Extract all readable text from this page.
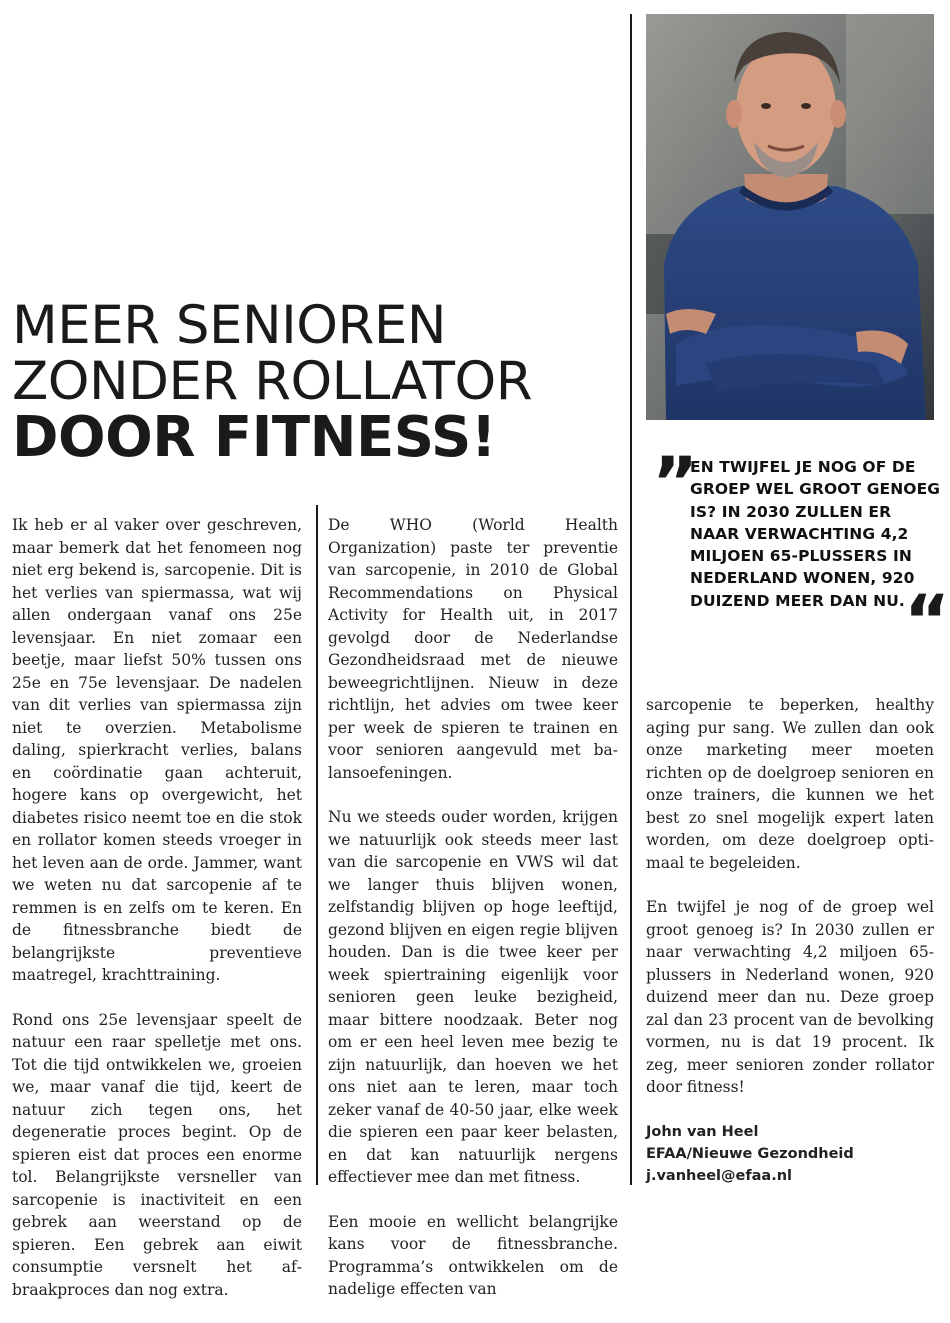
MEER SENIOREN
ZONDER ROLLATOR
DOOR FITNESS!
”
EN TWIJFEL JE NOG OF DE GROEP WEL GROOT GENOEG IS? IN 2030 ZULLEN ER NAAR VERWACHTING 4,2 MILJOEN 65-PLUSSERS IN NEDERLAND WONEN, 920 DUIZEND MEER DAN NU. “

Ik heb er al vaker over geschreven, maar bemerk dat het fenomeen nog niet erg bekend is, sarcopenie. Dit is het verlies van spiermassa, wat wij allen ondergaan vanaf ons 25e levensjaar. En niet zomaar een beetje, maar liefst 50% tussen ons 25e en 75e levensjaar. De nadelen van dit verlies van spiermassa zijn niet te overzien. Metabolisme daling, spierkracht verlies, balans en coördinatie gaan achteruit, hogere kans op overgewicht, het diabetes risico neemt toe en die stok en rollator komen steeds vroeger in het leven aan de orde. Jammer, want we weten nu dat sarcopenie af te remmen is en zelfs om te keren. En de fitnessbranche biedt de belangrijkste preventieve maatregel, krachttraining.

Rond ons 25e levensjaar speelt de natuur een raar spelletje met ons. Tot die tijd ontwikkelen we, groeien we, maar vanaf die tijd, keert de natuur zich tegen ons, het degeneratie proces begint. Op de spieren eist dat proces een enorme tol. Belangrijkste versneller van sarcopenie is inactiviteit en een gebrek aan weerstand op de spieren. Een gebrek aan eiwit consumptie versnelt het afbraakproces dan nog extra.

De WHO (World Health Organization) paste ter preventie van sarcopenie, in 2010 de Global Recommendations on Physical Activity for Health uit, in 2017 gevolgd door de Nederlandse Gezondheidsraad met de nieuwe beweegrichtlijnen. Nieuw in deze richtlijn, het advies om twee keer per week de spieren te trainen en voor senioren aangevuld met balansoefeningen.

Nu we steeds ouder worden, krijgen we natuurlijk ook steeds meer last van die sarcopenie en VWS wil dat we langer thuis blijven wonen, zelfstandig blijven op hoge leeftijd, gezond blijven en eigen regie blijven houden. Dan is die twee keer per week spiertraining eigenlijk voor senioren geen leuke bezigheid, maar bittere noodzaak. Beter nog om er een heel leven mee bezig te zijn natuurlijk, dan hoeven we het ons niet aan te leren, maar toch zeker vanaf de 40-50 jaar, elke week die spieren een paar keer belasten, en dat kan natuurlijk nergens effectiever mee dan met fitness.

Een mooie en wellicht belangrijke kans voor de fitnessbranche. Programma’s ontwikkelen om de nadelige effecten van

sarcopenie te beperken, healthy aging pur sang. We zullen dan ook onze marketing meer moeten richten op de doelgroep senioren en onze trainers, die kunnen we het best zo snel mogelijk expert laten worden, om deze doelgroep optimaal te begeleiden.

En twijfel je nog of de groep wel groot genoeg is? In 2030 zullen er naar verwachting 4,2 miljoen 65-plussers in Nederland wonen, 920 duizend meer dan nu. Deze groep zal dan 23 procent van de bevolking vormen, nu is dat 19 procent. Ik zeg, meer senioren zonder rollator door fitness!

John van Heel
EFAA/Nieuwe Gezondheid
j.vanheel@efaa.nl
